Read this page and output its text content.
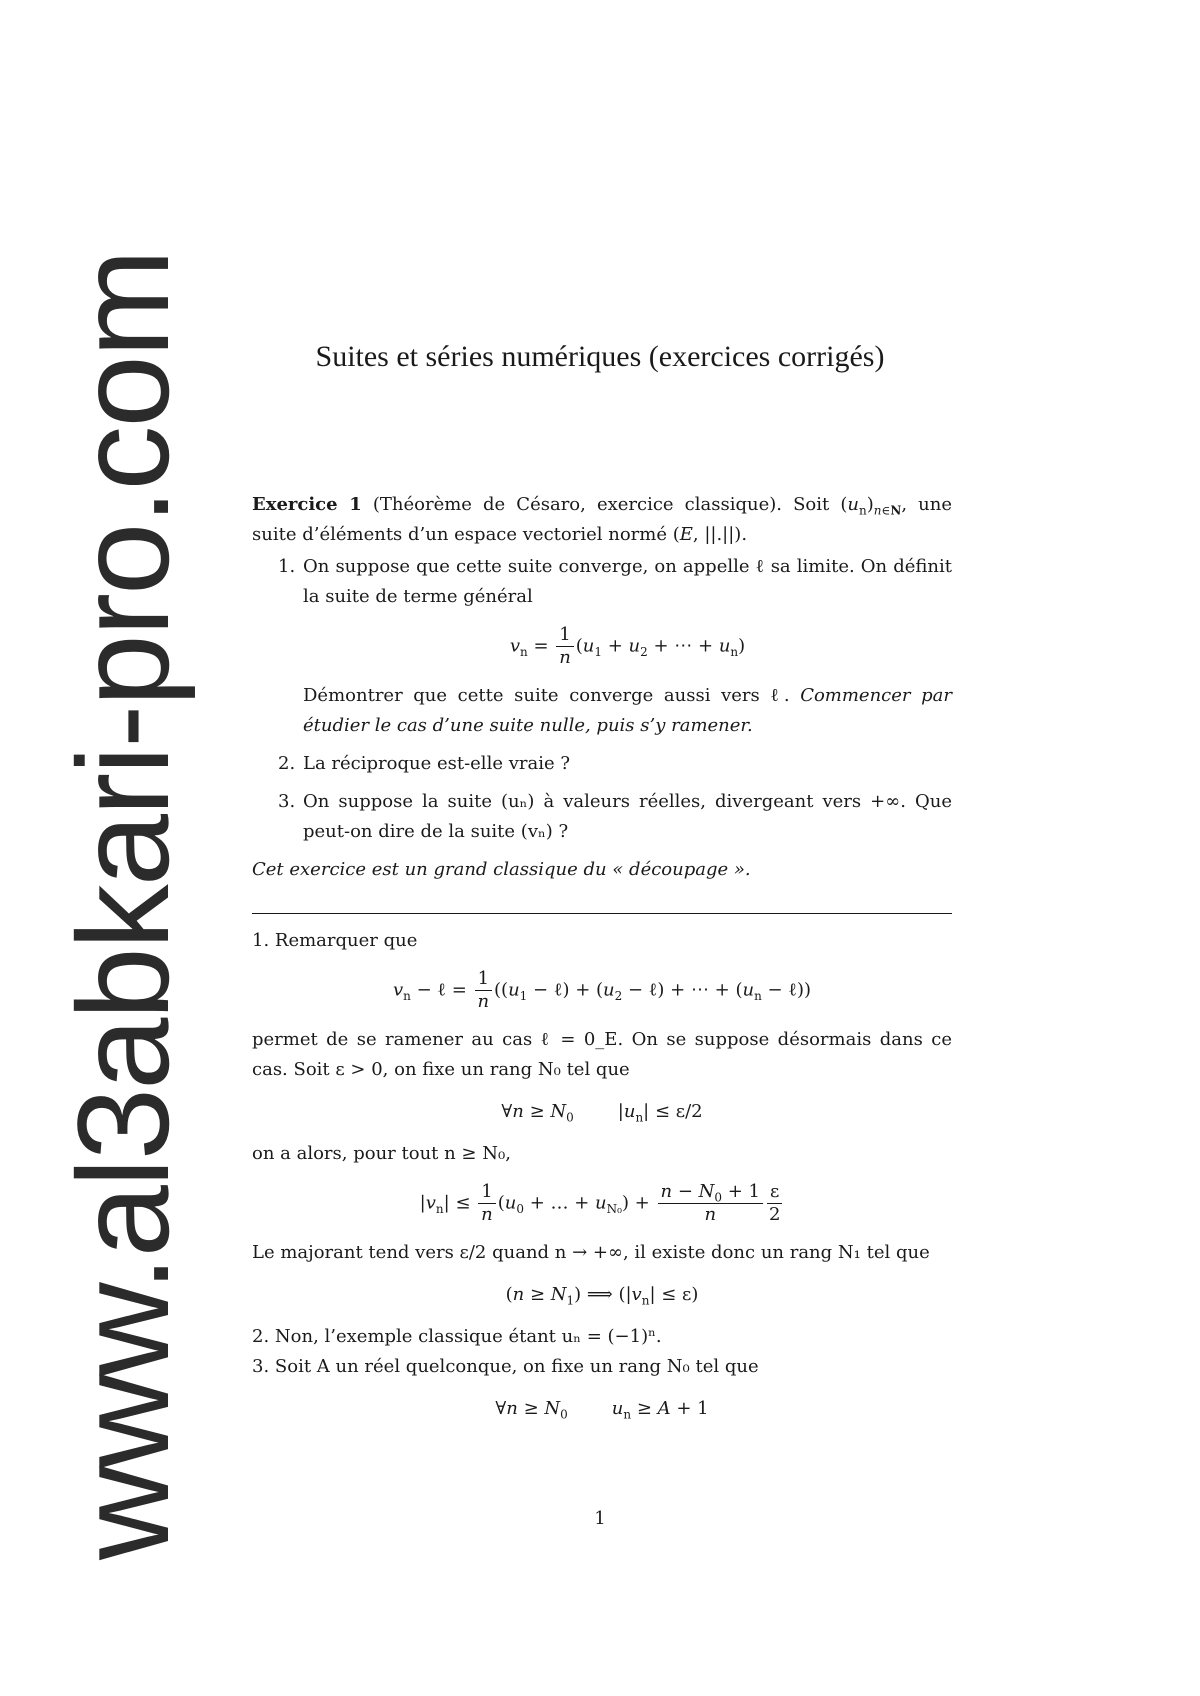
www.al3abkari-pro.com	Suites et séries numériques (exercices corrigés)

Exercice 1 (Théorème de Césaro, exercice classique). Soit $(u_n)_{n\in N}$, une suite d’éléments d’un espace vectoriel normé (E, ||.||).

1. On suppose que cette suite converge, on appelle ℓ sa limite. On définit la suite de terme général

$v_n = \frac{1}{n} (u_1 + u_2$ + ⋯ + $u_n$)

Démontrer que cette suite converge aussi vers ℓ. Commencer par étudier le cas d’une suite nulle, puis s’y ramener.

2. La réciproque est-elle vraie ?

3. On suppose la suite (uₙ) à valeurs réelles, divergeant vers +∞. Que peut-on dire de la suite (vₙ) ?

Cet exercice est un grand classique du « découpage ».

1. Remarquer que

$v_n$ − ℓ = $\frac{1}{n} ((u_1$ − ℓ) + ($u_2$ − ℓ) + ⋯ + ($u_n$ − ℓ))

permet de se ramener au cas ℓ = 0_E. On se suppose désormais dans ce cas. Soit ε > 0, on fixe un rang N₀ tel que

∀n ≥ $N_0$ $|u_n| \le \varepsilon/2$

on a alors, pour tout n ≥ N₀,

$|v_n| \le \frac{1}{n} (u_0$ + … + $u_{N_0}) + \frac{n - N_0 + 1}{n} \frac{\varepsilon}{2}$

Le majorant tend vers ε/2 quand n → +∞, il existe donc un rang N₁ tel que

$(n \ge N_1)$ ⟹ $(|v_n| \le \varepsilon)$

2. Non, l’exemple classique étant uₙ = (−1)ⁿ.

3. Soit A un réel quelconque, on fixe un rang N₀ tel que

∀n ≥ $N_0$ $u_n \ge A + 1$
1
